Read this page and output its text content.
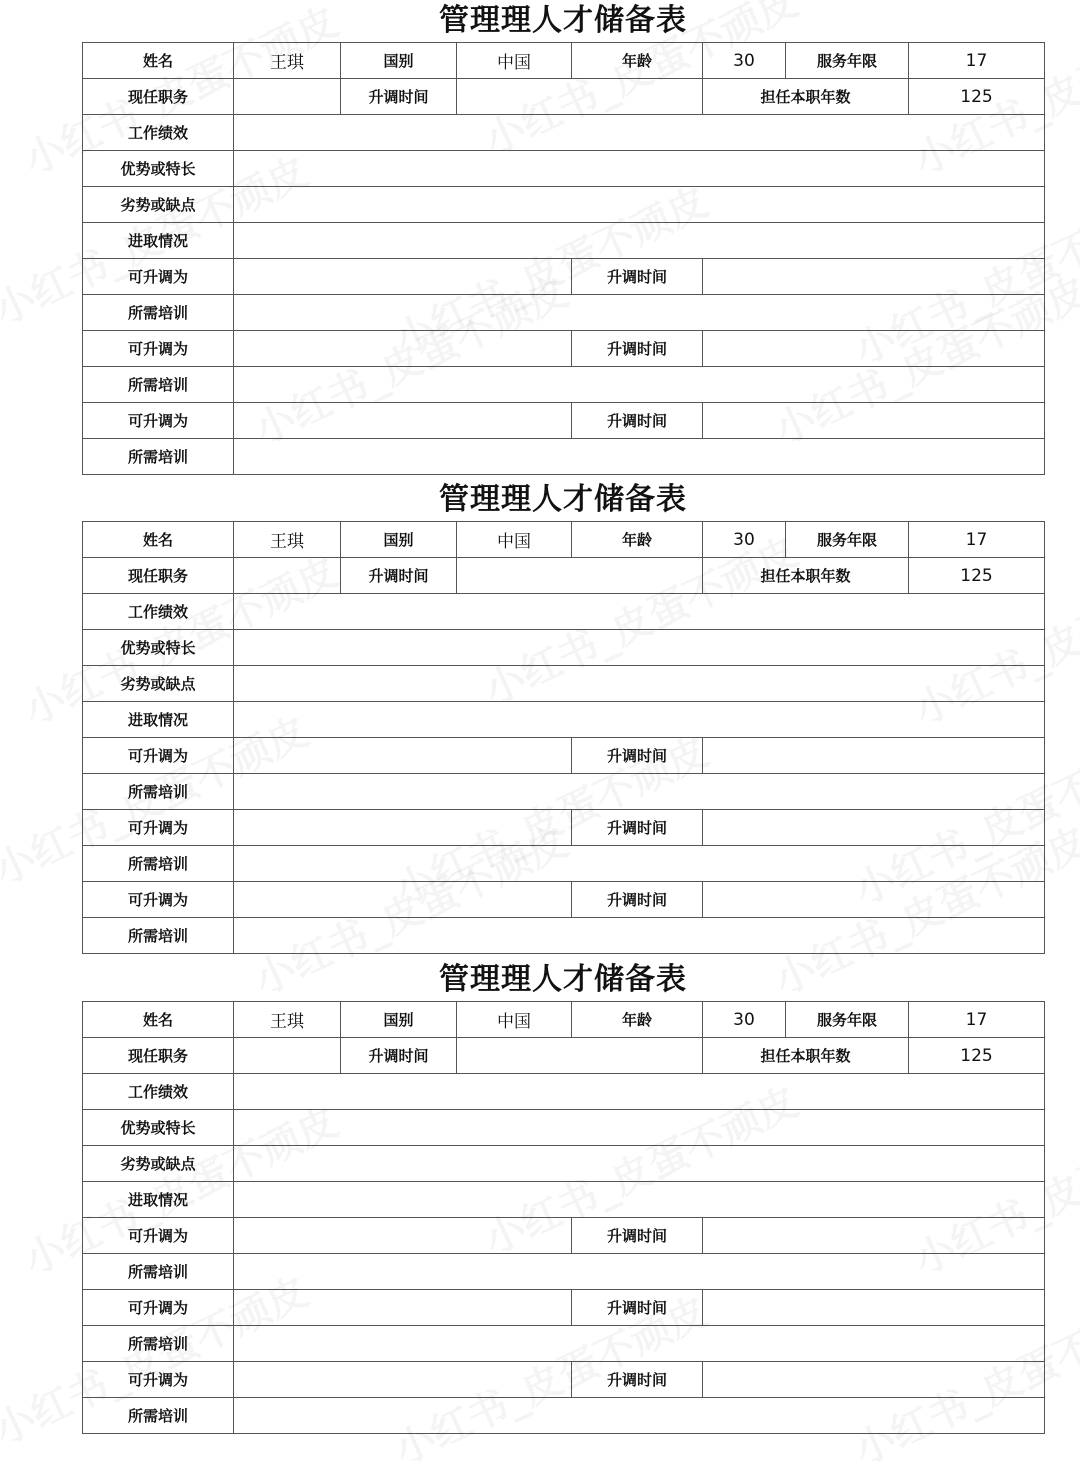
管理理人才储备表
姓名	王琪	国别	中国	年龄	30	服务年限	17
现任职务		升调时间			担任本职年数		125
工作绩效							
优势或特长							
劣势或缺点							
进取情况							
可升调为				升调时间			
所需培训							
可升调为				升调时间			
所需培训							
可升调为				升调时间			
所需培训							
管理理人才储备表
姓名	王琪	国别	中国	年龄	30	服务年限	17
现任职务		升调时间			担任本职年数		125
工作绩效							
优势或特长							
劣势或缺点							
进取情况							
可升调为				升调时间			
所需培训							
可升调为				升调时间			
所需培训							
可升调为				升调时间			
所需培训							
管理理人才储备表
姓名	王琪	国别	中国	年龄	30	服务年限	17
现任职务		升调时间			担任本职年数		125
工作绩效							
优势或特长							
劣势或缺点							
进取情况							
可升调为				升调时间			
所需培训							
可升调为				升调时间			
所需培训							
可升调为				升调时间			
所需培训							
